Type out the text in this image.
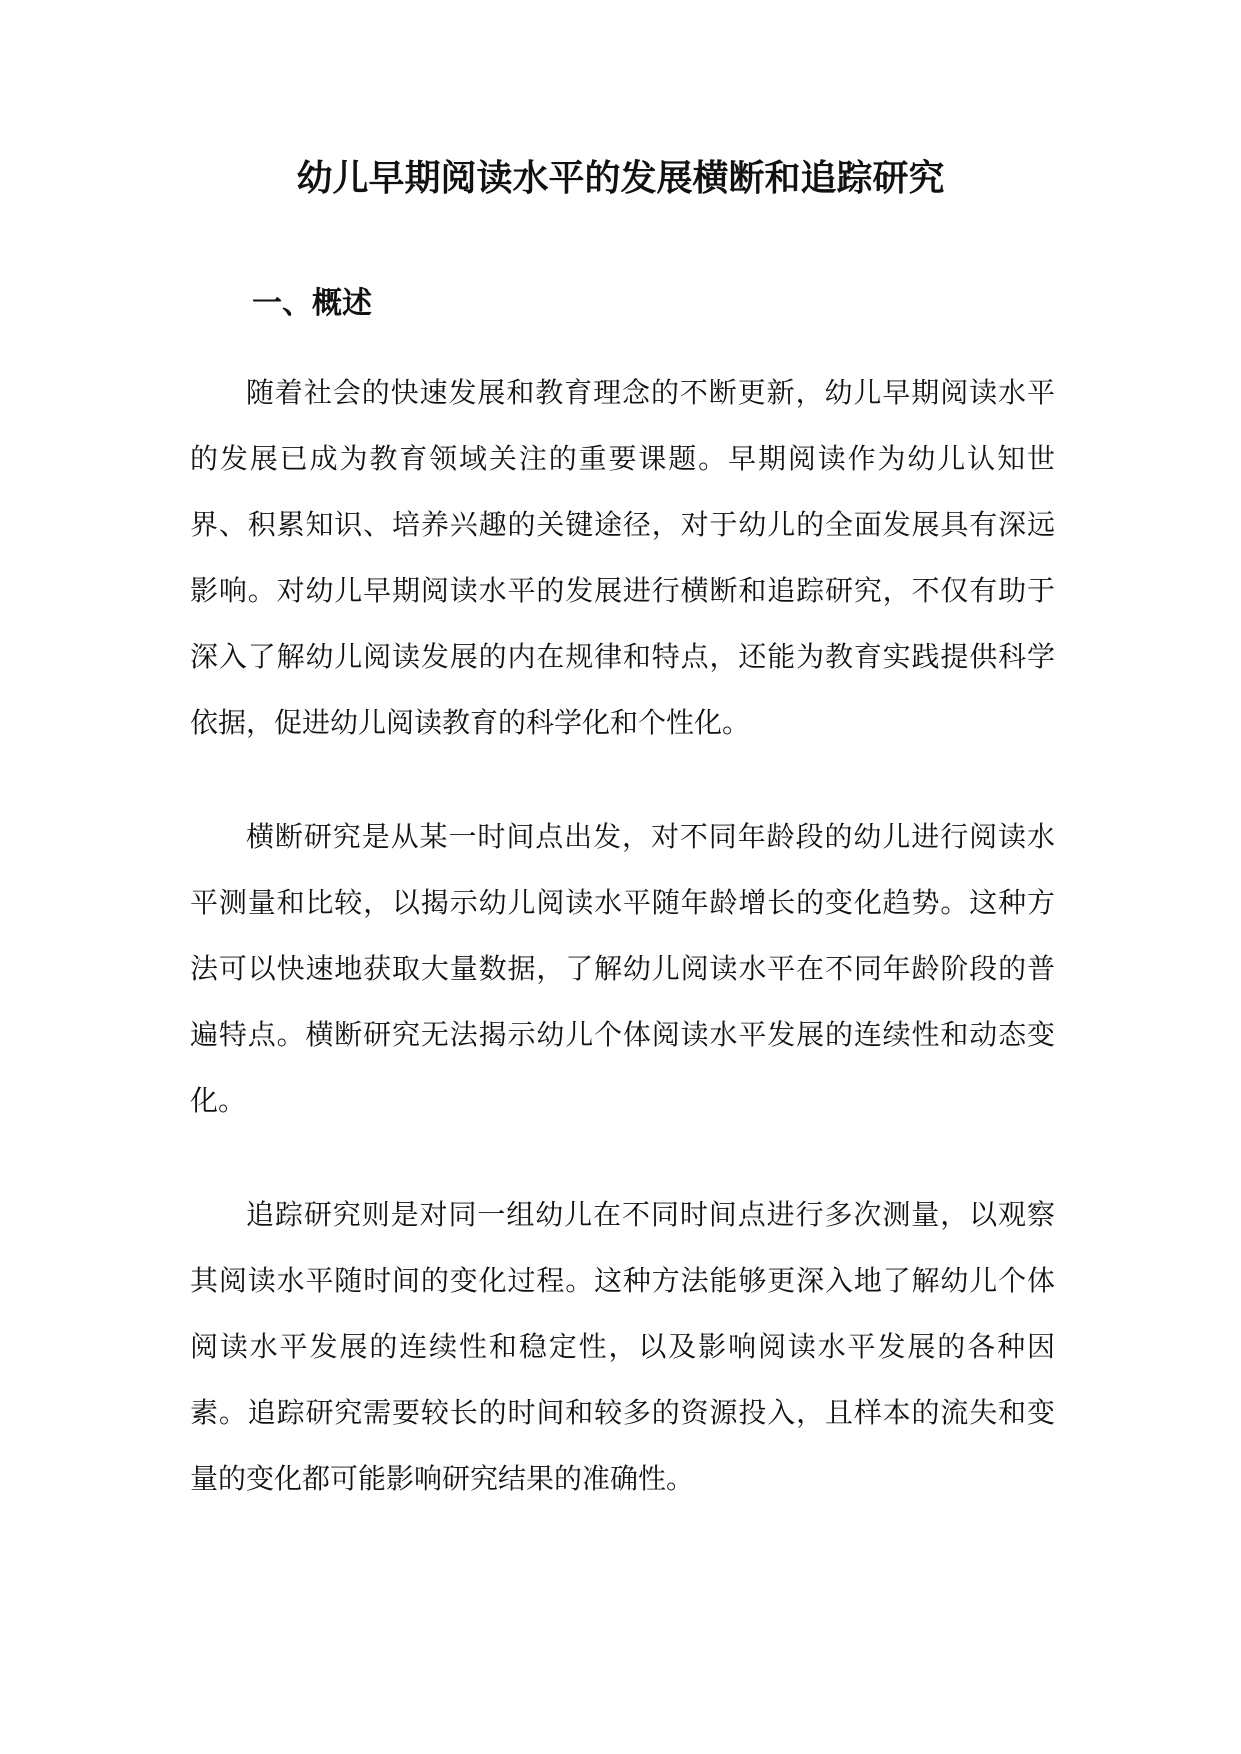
幼儿早期阅读水平的发展横断和追踪研究
一、概述

随着社会的快速发展和教育理念的不断更新，幼儿早期阅读水平的发展已成为教育领域关注的重要课题。早期阅读作为幼儿认知世界、积累知识、培养兴趣的关键途径，对于幼儿的全面发展具有深远影响。对幼儿早期阅读水平的发展进行横断和追踪研究，不仅有助于深入了解幼儿阅读发展的内在规律和特点，还能为教育实践提供科学依据，促进幼儿阅读教育的科学化和个性化。

横断研究是从某一时间点出发，对不同年龄段的幼儿进行阅读水平测量和比较，以揭示幼儿阅读水平随年龄增长的变化趋势。这种方法可以快速地获取大量数据，了解幼儿阅读水平在不同年龄阶段的普遍特点。横断研究无法揭示幼儿个体阅读水平发展的连续性和动态变化。

追踪研究则是对同一组幼儿在不同时间点进行多次测量，以观察其阅读水平随时间的变化过程。这种方法能够更深入地了解幼儿个体阅读水平发展的连续性和稳定性，以及影响阅读水平发展的各种因素。追踪研究需要较长的时间和较多的资源投入，且样本的流失和变量的变化都可能影响研究结果的准确性。
